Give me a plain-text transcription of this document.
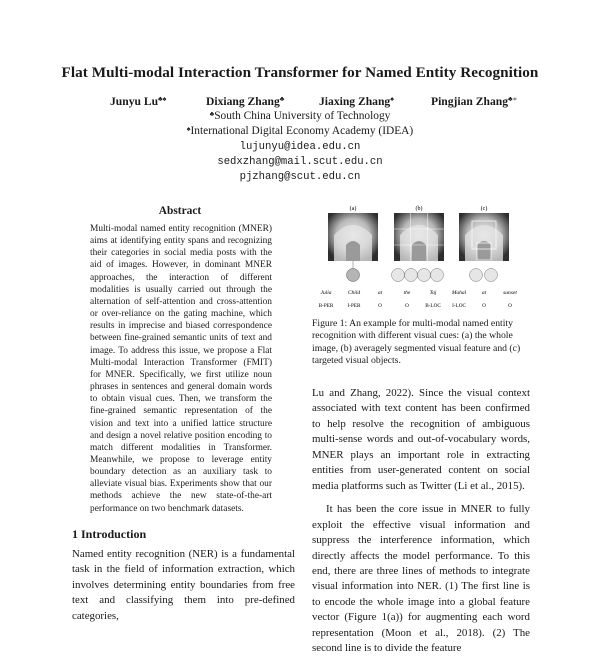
Flat Multi-modal Interaction Transformer for Named Entity Recognition
Junyu Lu♣♠	Dixiang Zhang♣	Jiaxing Zhang♠	Pingjian Zhang♣∗
♣South China University of Technology
♠International Digital Economy Academy (IDEA)
lujunyu@idea.edu.cn
sedxzhang@mail.scut.edu.cn
pjzhang@scut.edu.cn
Abstract

Multi-modal named entity recognition (MNER) aims at identifying entity spans and recognizing their categories in social media posts with the aid of images. However, in dominant MNER approaches, the interaction of different modalities is usually carried out through the alternation of self-attention and cross-attention or over-reliance on the gating machine, which results in imprecise and biased correspondence between fine-grained semantic units of text and image. To address this issue, we propose a Flat Multi-modal Interaction Transformer (FMIT) for MNER. Specifically, we first utilize noun phrases in sentences and general domain words to obtain visual cues. Then, we transform the fine-grained semantic representation of the vision and text into a unified lattice structure and design a novel relative position encoding to match different modalities in Transformer. Meanwhile, we propose to leverage entity boundary detection as an auxiliary task to alleviate visual bias. Experiments show that our methods achieve the new state-of-the-art performance on two benchmark datasets.

1 Introduction

Named entity recognition (NER) is a fundamental task in the field of information extraction, which involves determining entity boundaries from free text and classifying them into pre-defined categories,

(a)	(b)	(c)
Julia	Child	at	the	Taj	Mahal	at	sunset
B-PER	I-PER	O	O	B-LOC I-LOC	O	O
Figure 1: An example for multi-modal named entity recognition with different visual cues: (a) the whole image, (b) averagely segmented visual feature and (c) targeted visual objects.

Lu and Zhang, 2022). Since the visual context associated with text content has been confirmed to help resolve the recognition of ambiguous multi-sense words and out-of-vocabulary words, MNER plays an important role in extracting entities from user-generated content on social media platforms such as Twitter (Li et al., 2015).

It has been the core issue in MNER to fully exploit the effective visual information and suppress the interference information, which directly affects the model performance. To this end, there are three lines of methods to integrate visual information into NER. (1) The first line is to encode the whole image into a global feature vector (Figure 1(a)) for augmenting each word representation (Moon et al., 2018). (2) The second line is to divide the feature
